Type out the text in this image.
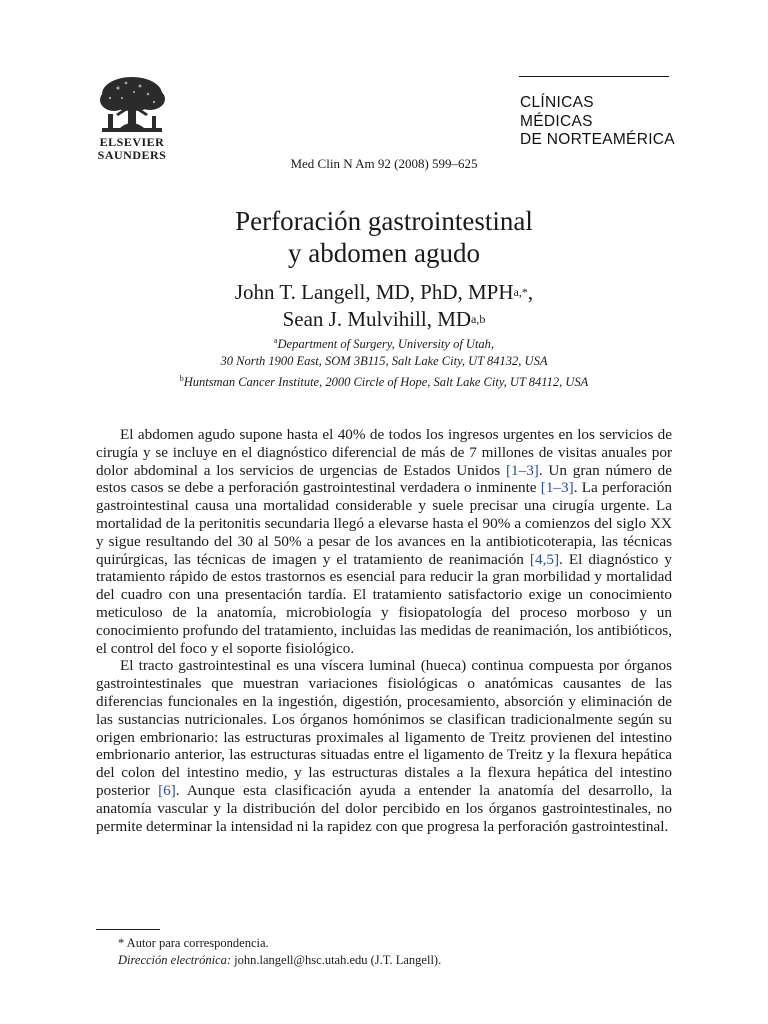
ELSEVIER
SAUNDERS
CLÍNICAS
MÉDICAS
DE NORTEAMÉRICA
Med Clin N Am 92 (2008) 599–625
Perforación gastrointestinal
y abdomen agudo
John T. Langell, MD, PhD, $MPH^{a,*}$,
Sean J. Mulvihill, MD$^{a,b}$
$^a$Department of Surgery, University of Utah,
30 North 1900 East, SOM 3B115, Salt Lake City, UT 84132, USA
$^b$Huntsman Cancer Institute, 2000 Circle of Hope, Salt Lake City, UT 84112, USA

El abdomen agudo supone hasta el 40% de todos los ingresos urgentes en los servicios de cirugía y se incluye en el diagnóstico diferencial de más de 7 millones de visitas anuales por dolor abdominal a los servicios de urgencias de Estados Unidos [1–3]. Un gran número de estos casos se debe a perforación gastrointestinal verdadera o inminente [1–3]. La perforación gastrointestinal causa una mortalidad considerable y suele precisar una cirugía urgente. La mortalidad de la peritonitis secundaria llegó a elevarse hasta el 90% a comienzos del siglo XX y sigue resultando del 30 al 50% a pesar de los avances en la antibioticoterapia, las técnicas quirúrgicas, las técnicas de imagen y el tratamiento de reanimación [4,5]. El diagnóstico y tratamiento rápido de estos trastornos es esencial para reducir la gran morbilidad y mortalidad del cuadro con una presentación tardía. El tratamiento satisfactorio exige un conocimiento meticuloso de la anatomía, microbiología y fisiopatología del proceso morboso y un conocimiento profundo del tratamiento, incluidas las medidas de reanimación, los antibióticos, el control del foco y el soporte fisiológico.

El tracto gastrointestinal es una víscera luminal (hueca) continua compuesta por órganos gastrointestinales que muestran variaciones fisiológicas o anatómicas causantes de las diferencias funcionales en la ingestión, digestión, procesamiento, absorción y eliminación de las sustancias nutricionales. Los órganos homónimos se clasifican tradicionalmente según su origen embrionario: las estructuras proximales al ligamento de Treitz provienen del intestino embrionario anterior, las estructuras situadas entre el ligamento de Treitz y la flexura hepática del colon del intestino medio, y las estructuras distales a la flexura hepática del intestino posterior [6]. Aunque esta clasificación ayuda a entender la anatomía del desarrollo, la anatomía vascular y la distribución del dolor percibido en los órganos gastrointestinales, no permite determinar la intensidad ni la rapidez con que progresa la perforación gastrointestinal.

* Autor para correspondencia.
Dirección electrónica: john.langell@hsc.utah.edu (J.T. Langell).
